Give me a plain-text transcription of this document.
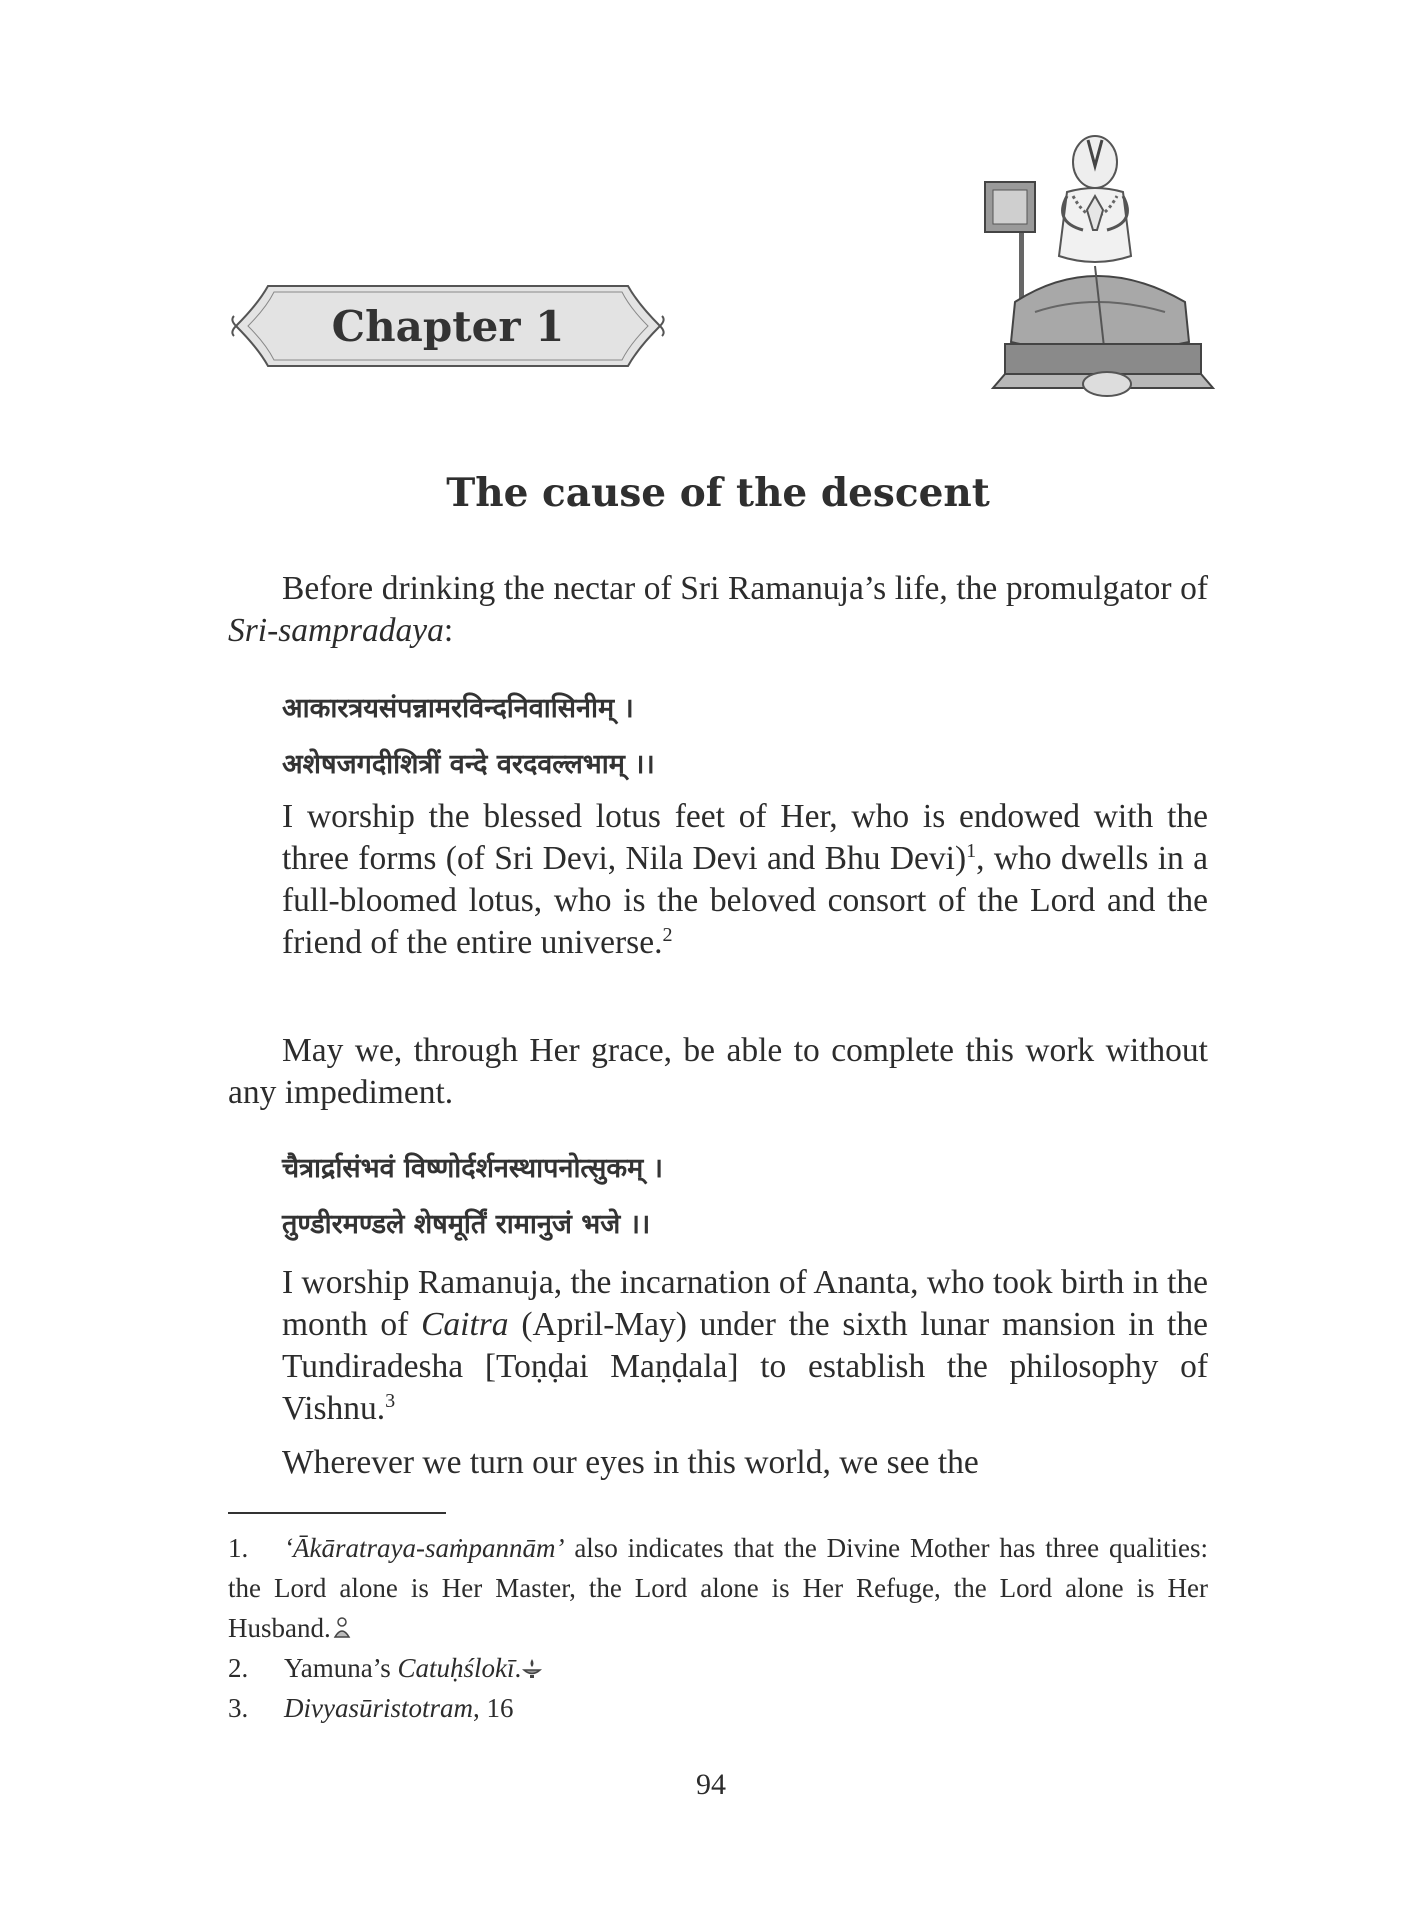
Chapter 1
The cause of the descent
Before drinking the nectar of Sri Ramanuja’s life, the promulgator of Sri-sampradaya:
आकारत्रयसंपन्नामरविन्दनिवासिनीम् ।
अशेषजगदीशित्रीं वन्दे वरदवल्लभाम् ।।
I worship the blessed lotus feet of Her, who is endowed with the three forms (of Sri Devi, Nila Devi and Bhu Devi)$^1$, who dwells in a full-bloomed lotus, who is the beloved consort of the Lord and the friend of the entire universe.$^2$
May we, through Her grace, be able to complete this work without any impediment.
चैत्रार्द्रासंभवं विष्णोर्दर्शनस्थापनोत्सुकम् ।
तुण्डीरमण्डले शेषमूर्तिं रामानुजं भजे ।।
I worship Ramanuja, the incarnation of Ananta, who took birth in the month of Caitra (April-May) under the sixth lunar mansion in the Tundiradesha [Toṇḍai Maṇḍala] to establish the philosophy of Vishnu.$^3$
Wherever we turn our eyes in this world, we see the
1. ‘Ākāratraya-saṁpannām’ also indicates that the Divine Mother has three qualities: the Lord alone is Her Master, the Lord alone is Her Refuge, the Lord alone is Her Husband.
2. Yamuna’s Catuḥślokī.
3. Divyasūristotram, 16
94
